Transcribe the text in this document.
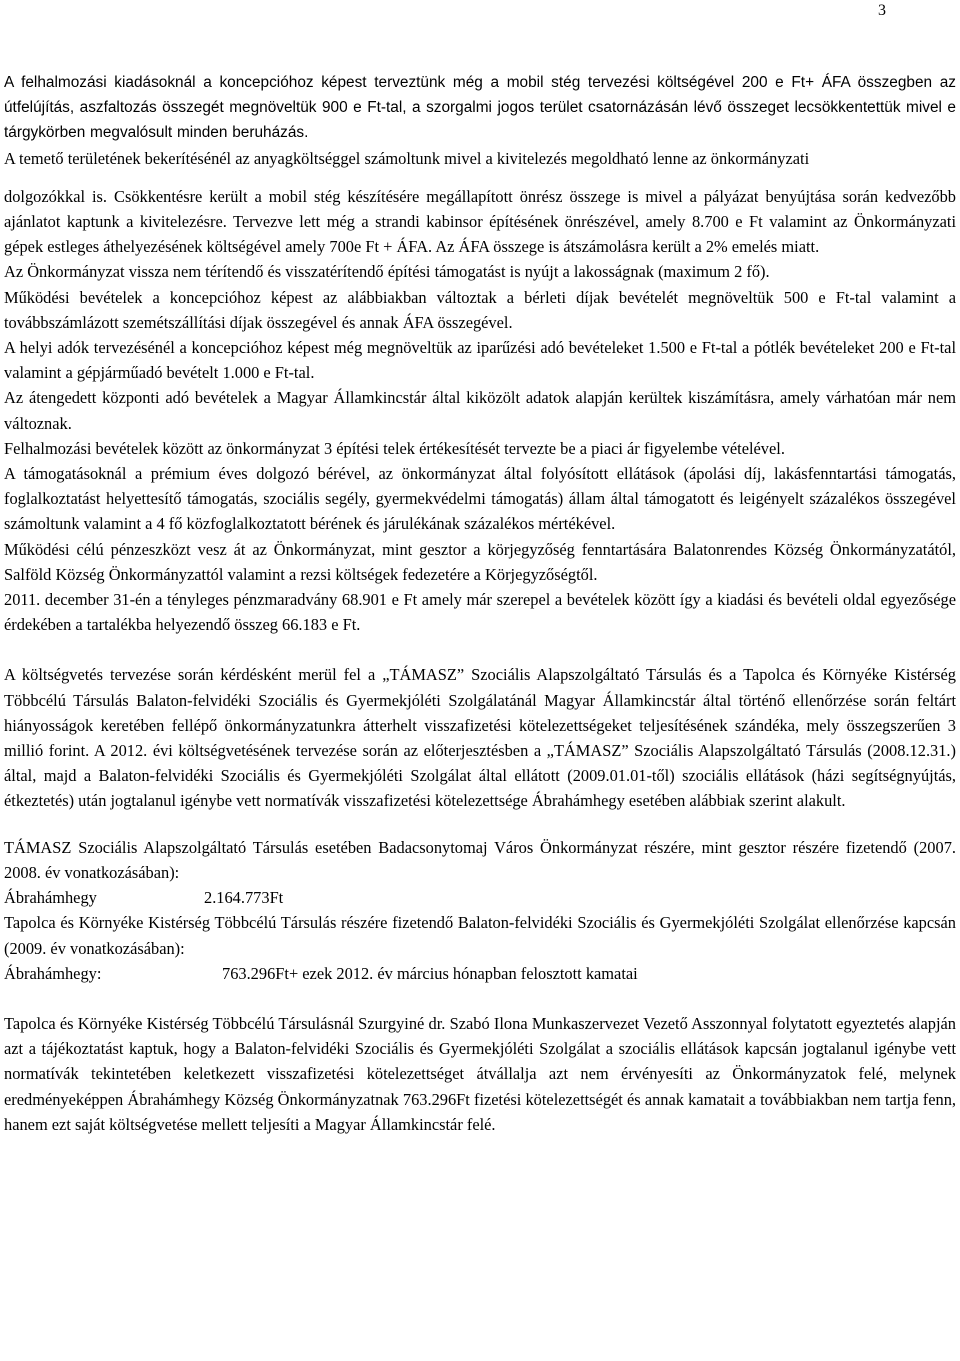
3

A felhalmozási kiadásoknál a koncepcióhoz képest terveztünk még a mobil stég tervezési költségével 200 e Ft+ ÁFA összegben az útfelújítás, aszfaltozás összegét megnöveltük 900 e Ft-tal, a szorgalmi jogos terület csatornázásán lévő összeget lecsökkentettük mivel e tárgykörben megvalósult minden beruházás.

A temető területének bekerítésénél az anyagköltséggel számoltunk mivel a kivitelezés megoldható lenne az önkormányzati

dolgozókkal is. Csökkentésre került a mobil stég készítésére megállapított önrész összege is mivel a pályázat benyújtása során kedvezőbb ajánlatot kaptunk a kivitelezésre. Tervezve lett még a strandi kabinsor építésének önrészével, amely 8.700 e Ft valamint az Önkormányzati gépek estleges áthelyezésének költségével amely 700e Ft + ÁFA. Az ÁFA összege is átszámolásra került a 2% emelés miatt.

Az Önkormányzat vissza nem térítendő és visszatérítendő építési támogatást is nyújt a lakosságnak (maximum 2 fő).

Működési bevételek a koncepcióhoz képest az alábbiakban változtak a bérleti díjak bevételét megnöveltük 500 e Ft-tal valamint a továbbszámlázott szemétszállítási díjak összegével és annak ÁFA összegével.

A helyi adók tervezésénél a koncepcióhoz képest még megnöveltük az iparűzési adó bevételeket 1.500 e Ft-tal a pótlék bevételeket 200 e Ft-tal valamint a gépjárműadó bevételt 1.000 e Ft-tal.

Az átengedett központi adó bevételek a Magyar Államkincstár által kiközölt adatok alapján kerültek kiszámításra, amely várhatóan már nem változnak.

Felhalmozási bevételek között az önkormányzat 3 építési telek értékesítését tervezte be a piaci ár figyelembe vételével.

A támogatásoknál a prémium éves dolgozó bérével, az önkormányzat által folyósított ellátások (ápolási díj, lakásfenntartási támogatás, foglalkoztatást helyettesítő támogatás, szociális segély, gyermekvédelmi támogatás) állam által támogatott és leigényelt százalékos összegével számoltunk valamint a 4 fő közfoglalkoztatott bérének és járulékának százalékos mértékével.

Működési célú pénzeszközt vesz át az Önkormányzat, mint gesztor a körjegyzőség fenntartására Balatonrendes Község Önkormányzatától, Salföld Község Önkormányzattól valamint a rezsi költségek fedezetére a Körjegyzőségtől.

2011. december 31-én a tényleges pénzmaradvány 68.901 e Ft amely már szerepel a bevételek között így a kiadási és bevételi oldal egyezősége érdekében a tartalékba helyezendő összeg 66.183 e Ft.

A költségvetés tervezése során kérdésként merül fel a „TÁMASZ” Szociális Alapszolgáltató Társulás és a Tapolca és Környéke Kistérség Többcélú Társulás Balaton-felvidéki Szociális és Gyermekjóléti Szolgálatánál Magyar Államkincstár által történő ellenőrzése során feltárt hiányosságok keretében fellépő önkormányzatunkra átterhelt visszafizetési kötelezettségeket teljesítésének szándéka, mely összegszerűen 3 millió forint. A 2012. évi költségvetésének tervezése során az előterjesztésben a „TÁMASZ” Szociális Alapszolgáltató Társulás (2008.12.31.) által, majd a Balaton-felvidéki Szociális és Gyermekjóléti Szolgálat által ellátott (2009.01.01-től) szociális ellátások (házi segítségnyújtás, étkeztetés) után jogtalanul igénybe vett normatívák visszafizetési kötelezettsége Ábrahámhegy esetében alábbiak szerint alakult.

TÁMASZ Szociális Alapszolgáltató Társulás esetében Badacsonytomaj Város Önkormányzat részére, mint gesztor részére fizetendő (2007. 2008. év vonatkozásában):

Ábrahámhegy	2.164.773Ft

Tapolca és Környéke Kistérség Többcélú Társulás részére fizetendő Balaton-felvidéki Szociális és Gyermekjóléti Szolgálat ellenőrzése kapcsán (2009. év vonatkozásában):

Ábrahámhegy:	763.296Ft+ ezek 2012. év március hónapban felosztott kamatai

Tapolca és Környéke Kistérség Többcélú Társulásnál Szurgyiné dr. Szabó Ilona Munkaszervezet Vezető Asszonnyal folytatott egyeztetés alapján azt a tájékoztatást kaptuk, hogy a Balaton-felvidéki Szociális és Gyermekjóléti Szolgálat a szociális ellátások kapcsán jogtalanul igénybe vett normatívák tekintetében keletkezett visszafizetési kötelezettséget átvállalja azt nem érvényesíti az Önkormányzatok felé, melynek eredményeképpen Ábrahámhegy Község Önkormányzatnak 763.296Ft fizetési kötelezettségét és annak kamatait a továbbiakban nem tartja fenn, hanem ezt saját költségvetése mellett teljesíti a Magyar Államkincstár felé.
